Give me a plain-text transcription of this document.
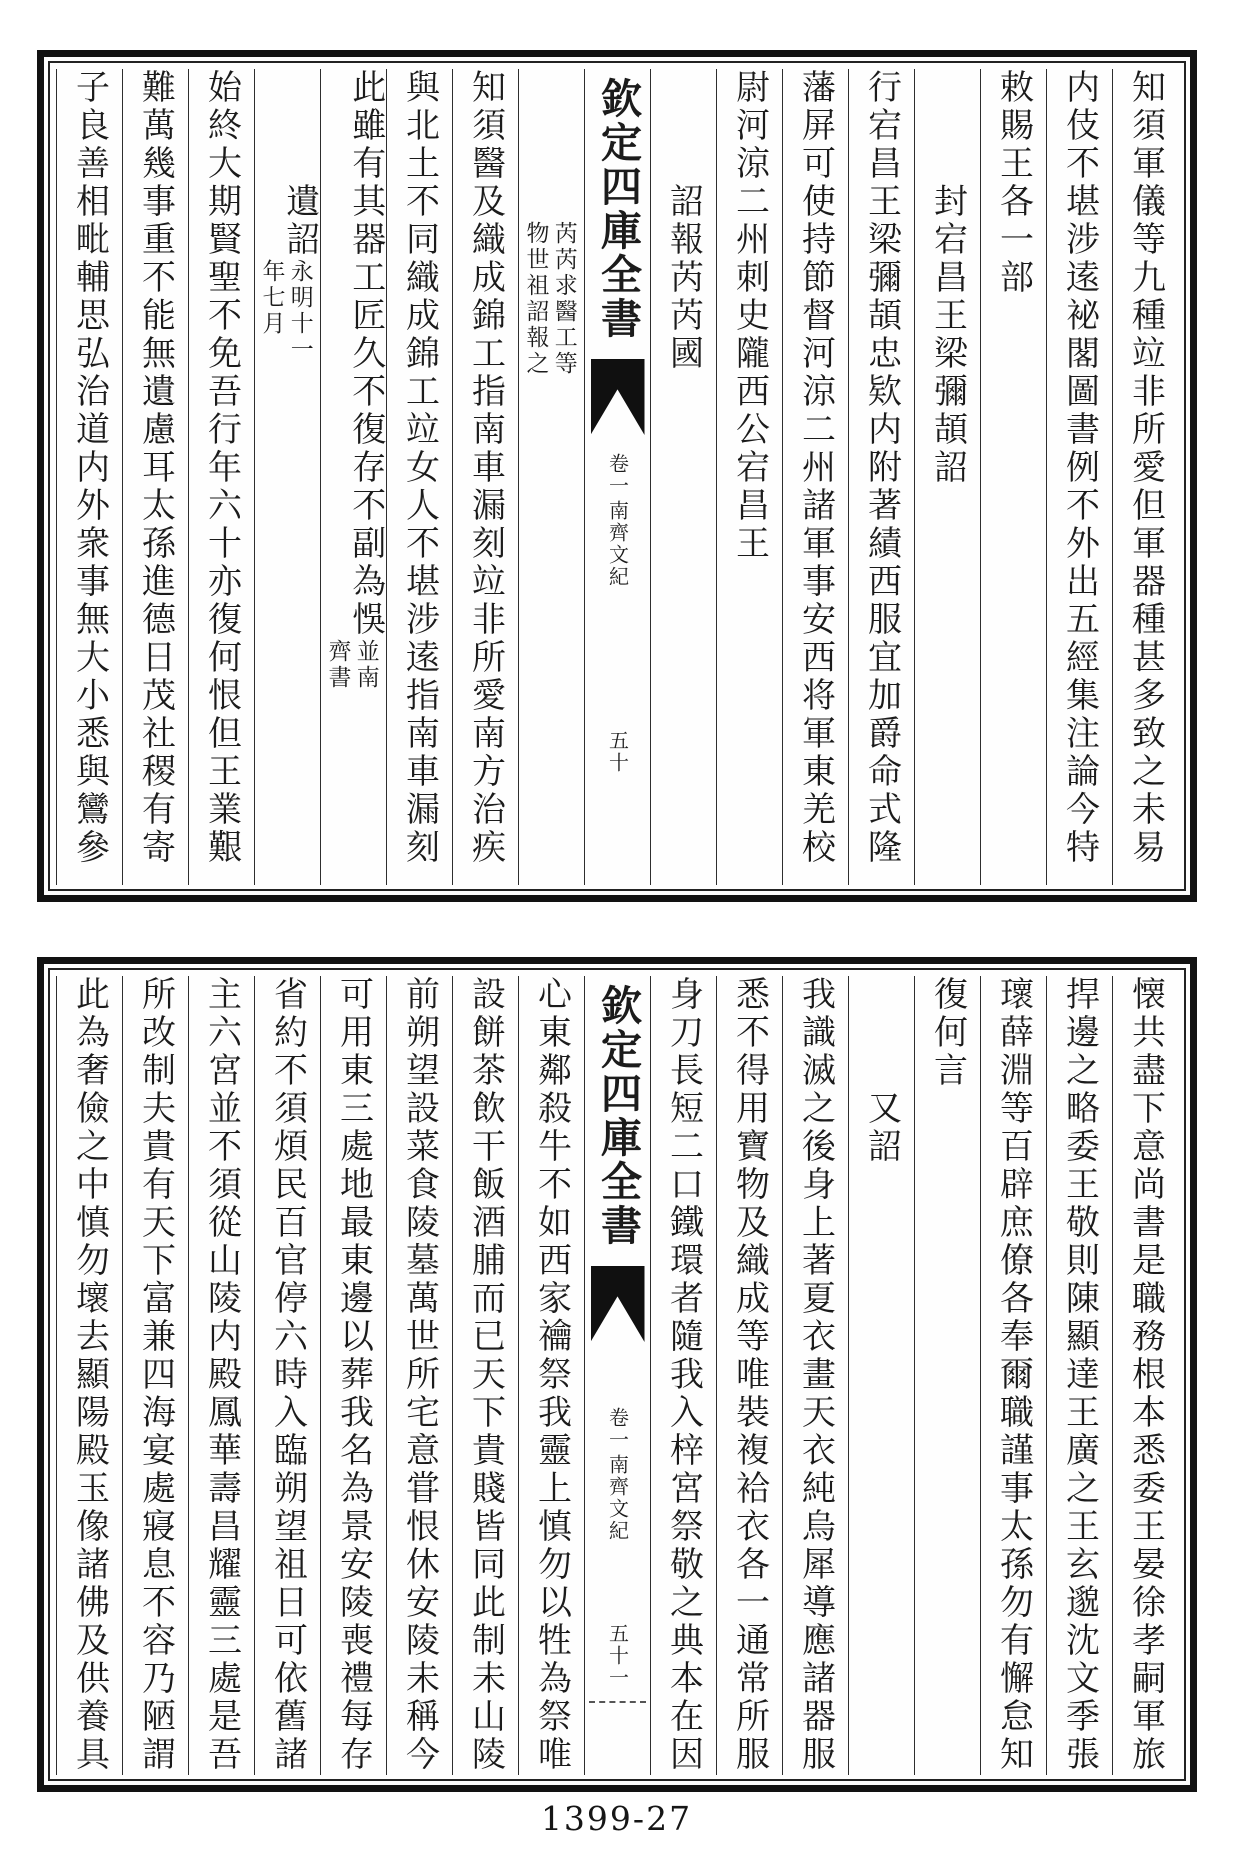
知須軍儀等九種竝非所愛但軍器種甚多致之未易
内伎不堪涉逺袐閣圖書例不外出五經集注論今特
敕賜王各一部
封宕昌王梁彌頡詔
行宕昌王梁彌頡忠欵内附著績西服宜加爵命式隆
藩屏可使持節督河涼二州諸軍事安西将軍東羌校
尉河涼二州刺史隴西公宕昌王
詔報芮芮國
欽定四庫全書
卷一
南齊文紀
五十
芮芮求醫工等
物世祖詔報之
知須醫及織成錦工指南車漏刻竝非所愛南方治疾
與北土不同織成錦工竝女人不堪涉逺指南車漏刻
此雖有其器工匠久不復存不副為悞
並南
齊書
遺詔
永明十一
年七月
始終大期賢聖不免吾行年六十亦復何恨但王業艱
難萬幾事重不能無遺慮耳太孫進德日茂社稷有寄
子良善相毗輔思弘治道内外衆事無大小悉與鸞參
懐共盡下意尚書是職務根本悉委王晏徐孝嗣軍旅
捍邊之略委王敬則陳顯達王廣之王玄邈沈文季張
瓌薛淵等百辟庶僚各奉爾職謹事太孫勿有懈怠知
復何言
又詔
我識滅之後身上著夏衣畫天衣純烏犀導應諸器服
悉不得用寶物及織成等唯裝複袷衣各一通常所服
身刀長短二口鐵環者隨我入梓宮祭敬之典本在因
欽定四庫全書
卷一
南齊文紀
五十一
心東鄰殺牛不如西家禴祭我靈上慎勿以牲為祭唯
設餅茶飲干飯酒脯而已天下貴賤皆同此制未山陵
前朔望設菜食陵墓萬世所宅意甞恨休安陵未稱今
可用東三處地最東邊以葬我名為景安陵喪禮每存
省約不須煩民百官停六時入臨朔望祖日可依舊諸
主六宮並不須從山陵内殿鳳華壽昌耀靈三處是吾
所改制夫貴有天下富兼四海宴處寢息不容乃陋謂
此為奢儉之中慎勿壞去顯陽殿玉像諸佛及供養具
1399-27
